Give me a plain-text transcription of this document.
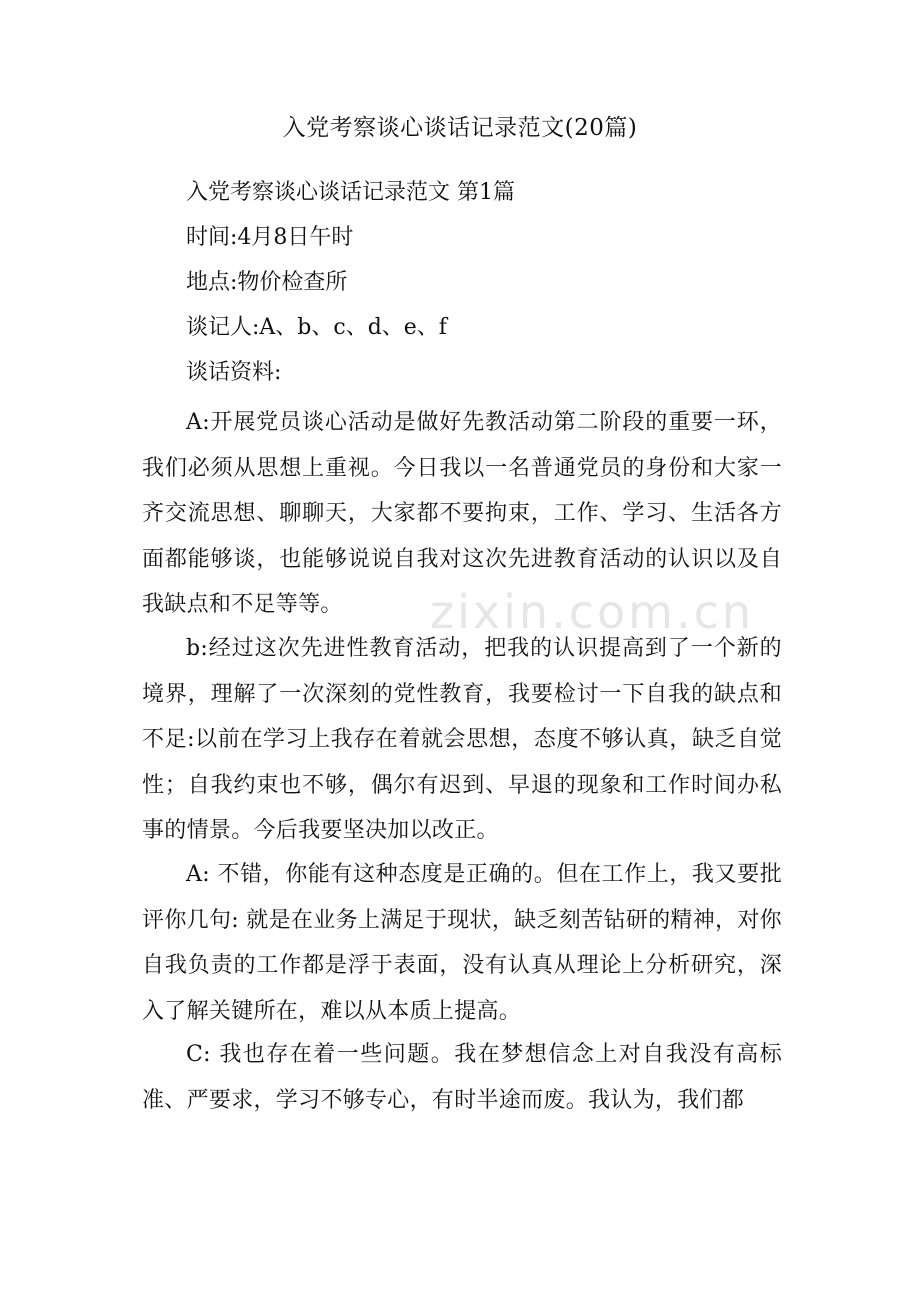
zixin.com.cn
入党考察谈心谈话记录范文(20篇)

入党考察谈心谈话记录范文 第1篇

时间:4月8日午时

地点:物价检查所

谈记人:A、b、c、d、e、f

谈话资料:

A:开展党员谈心活动是做好先教活动第二阶段的重要一环，我们必须从思想上重视。今日我以一名普通党员的身份和大家一齐交流思想、聊聊天，大家都不要拘束，工作、学习、生活各方面都能够谈，也能够说说自我对这次先进教育活动的认识以及自我缺点和不足等等。

b:经过这次先进性教育活动，把我的认识提高到了一个新的境界，理解了一次深刻的党性教育，我要检讨一下自我的缺点和不足:以前在学习上我存在着就会思想，态度不够认真，缺乏自觉性；自我约束也不够，偶尔有迟到、早退的现象和工作时间办私事的情景。今后我要坚决加以改正。

A: 不错，你能有这种态度是正确的。但在工作上，我又要批评你几句: 就是在业务上满足于现状，缺乏刻苦钻研的精神，对你自我负责的工作都是浮于表面，没有认真从理论上分析研究，深入了解关键所在，难以从本质上提高。

C: 我也存在着一些问题。我在梦想信念上对自我没有高标准、严要求，学习不够专心，有时半途而废。我认为，我们都
